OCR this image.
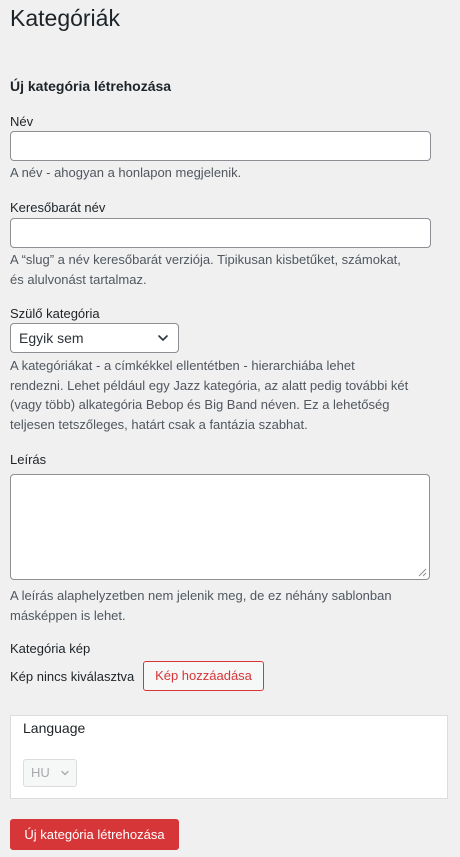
Kategóriák
Új kategória létrehozása
Név
A név - ahogyan a honlapon megjelenik.
Keresőbarát név
A “slug” a név keresőbarát verziója. Tipikusan kisbetűket, számokat,
és alulvonást tartalmaz.
Szülő kategória
Egyik sem
A kategóriákat - a címkékkel ellentétben - hierarchiába lehet
rendezni. Lehet például egy Jazz kategória, az alatt pedig további két
(vagy több) alkategória Bebop és Big Band néven. Ez a lehetőség
teljesen tetszőleges, határt csak a fantázia szabhat.
Leírás
A leírás alaphelyzetben nem jelenik meg, de ez néhány sablonban
másképpen is lehet.
Kategória kép
Kép nincs kiválasztva	Kép hozzáadása
Language
HU
Új kategória létrehozása
